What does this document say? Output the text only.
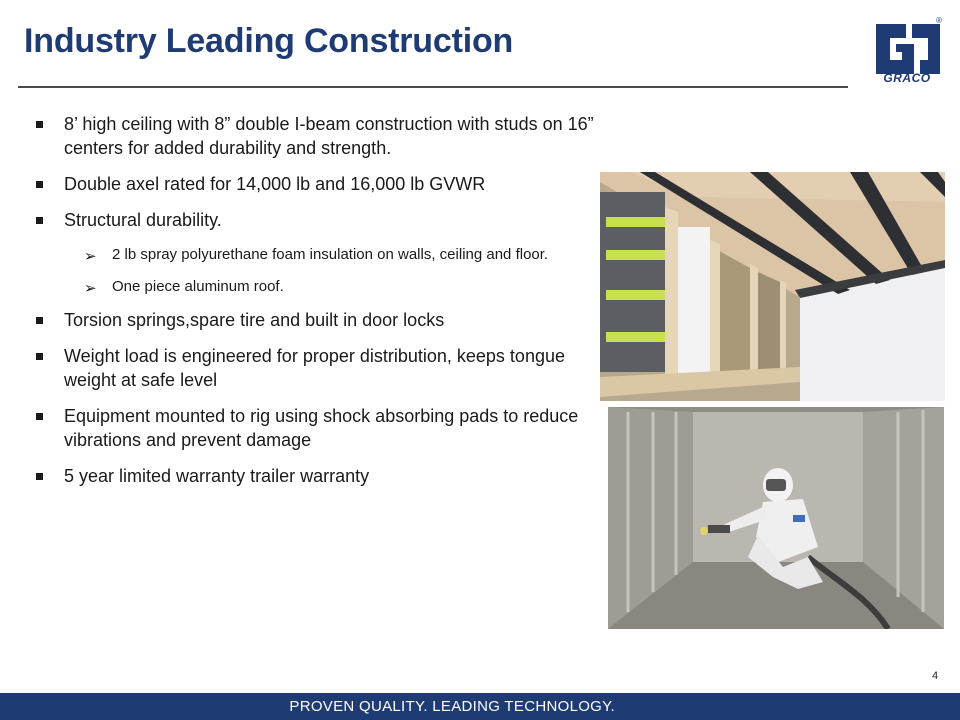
Industry Leading Construction
GRACO
®
8’ high ceiling with 8” double I-beam construction with studs on 16” centers for added durability and strength.
Double axel rated for 14,000 lb and 16,000 lb GVWR
Structural durability.
➢ 2 lb spray polyurethane foam insulation on walls, ceiling and floor.
➢ One piece aluminum roof.
Torsion springs,spare tire and built in door locks
Weight load is engineered for proper distribution, keeps tongue weight at safe level
Equipment mounted to rig using shock absorbing pads to reduce vibrations and prevent damage
5 year limited warranty trailer warranty
4
PROVEN QUALITY. LEADING TECHNOLOGY.
